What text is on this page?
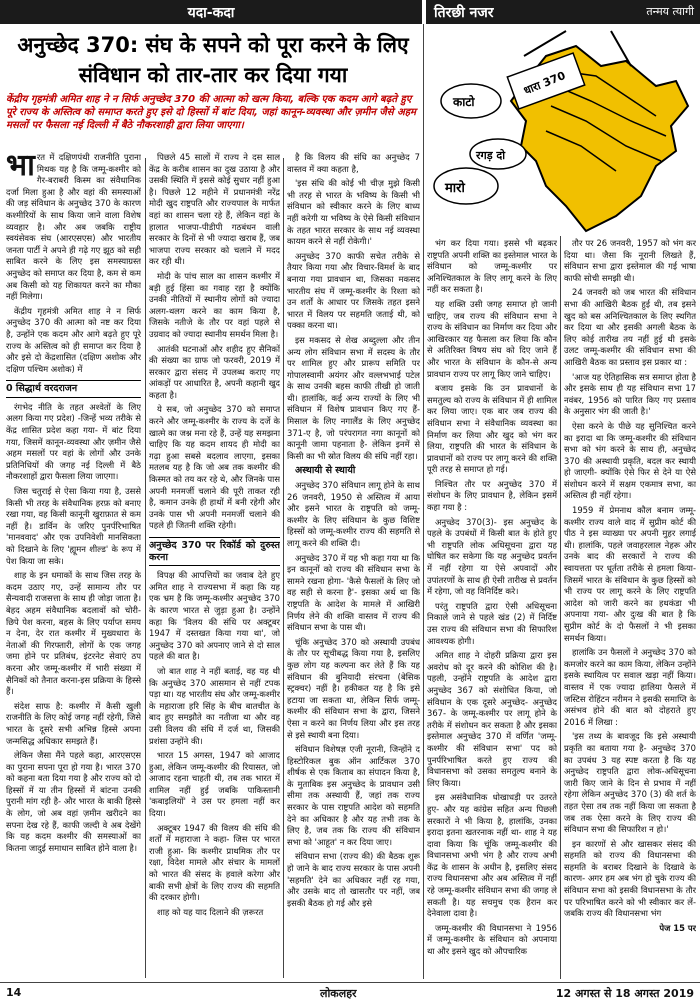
यदा-कदा	तिरछी नजर	तन्मय त्यागी
अनुच्छेद 370: संघ के सपने को पूरा करने के लिए संविधान को तार-तार कर दिया गया
केंद्रीय गृहमंत्री अमित शाह ने न सिर्फ अनुच्छेद 370 की आत्मा को खत्म किया, बल्कि एक कदम आगे बढ़ते हुए पूरे राज्य के अस्तित्व को समाप्त करते हुए इसे दो हिस्सों में बांट दिया, जहां कानून-व्यवस्था और ज़मीन जैसे अहम मसलों पर फैसला नई दिल्ली में बैठे नौकरशाही द्वारा लिया जाएगा।
धारा 370
काटो
मारो
रगड़ दो

भारत में दक्षिणपंथी राजनीति पुराना मिथक यह है कि जम्मू-कश्मीर को गैर-बराबरी किस्म का संवैधानिक दर्जा मिला हुआ है और वहां की समस्याओं की जड़ संविधान के अनुच्छेद 370 के कारण कश्मीरियों के साथ किया जाने वाला विशेष व्यवहार है। और अब जबकि राष्ट्रीय स्वयंसेवक संघ (आरएसएस) और भारतीय जनता पार्टी ने अपने ही गढ़े गए झूठ को सही साबित करने के लिए इस समस्याग्रस्त अनुच्छेद को समाप्त कर दिया है, कम से कम अब किसी को यह शिकायत करने का मौका नहीं मिलेगा।

केंद्रीय गृहमंत्री अमित शाह ने न सिर्फ अनुच्छेद 370 की आत्मा को नष्ट कर दिया है, उन्होंने एक कदम और आगे बढ़ते हुए पूरे राज्य के अस्तित्व को ही समाप्त कर दिया है और इसे दो केंद्रशासित (दक्षिण अशोक और दक्षिण पश्चिम अशोक) में

0 सिद्धार्थ वरदराजन

रंगभेद नीति के तहत अश्वेतों के लिए अलग किया गए प्रदेश) -जिन्हें भव्य तरीके से केंद्र शासित प्रदेश कहा गया- में बांट दिया गया, जिसमें कानून-व्यवस्था और ज़मीन जैसे अहम मसलों पर वहां के लोगों और उनके प्रतिनिधियों की जगह नई दिल्ली में बैठे नौकरशाहों द्वारा फैसला लिया जाएगा।

जिस चतुराई से ऐसा किया गया है, उससे किसी भी तरह के संवैधानिक हरफ़ को बनाए रखा गया, वह किसी कानूनी खुराफ़ात से कम नहीं है। डार्विन के जरिए पुनर्परिभाषित 'मानववाद' और एक उपनिवेशी मानसिकता को दिखाने के लिए 'ह्यूमन शील्ड' के रूप में पेश किया जा सके।

शाह के इन धमाकों के साथ जिस तरह के कदम उठाए गए, उन्हें सामान्य तौर पर सैन्यवादी राजसत्ता के साथ ही जोड़ा जाता है। बेहद अहम संवैधानिक बदलावों को चोरी-छिपे पेश करना, बहस के लिए पर्याप्त समय न देना, देर रात कश्मीर में मुख्यधारा के नेताओं की गिरफ्तारी, लोगों के एक जगह जमा होने पर प्रतिबंध, इंटरनेट सेवाएं ठप करना और जम्मू-कश्मीर में भारी संख्या में सैनिकों को तैनात करना-इस प्रक्रिया के हिस्से हैं।

संदेश साफ है: कश्मीर में कैसी खुली राजनीति के लिए कोई जगह नहीं रहेगी, जिसे भारत के दूसरे सभी अभिन्न हिस्से अपना जन्मसिद्ध अधिकार समझते हैं।

लेकिन जैसा मैंने पहले कहा, आरएसएस का पुराना सपना पूरा हो गया है। भारत 370 को कहना बता दिया गया है और राज्य को दो हिस्सों में या तीन हिस्सों में बांटना उनकी पुरानी मांग रही है- और भारत के बाकी हिस्से के लोग, जो अब वहां ज़मीन खरीदने का सपना देख रहे हैं, काफी जल्दी वे अब देखेंगे कि यह कदम कश्मीर की समस्याओं का कितना जादुई समाधान साबित होने वाला है।

पिछले 45 सालों में राज्य ने दस साल केंद्र के करीब शासन का दुख उठाया है और उसकी स्थिति में इससे कोई सुधार नहीं हुआ है। पिछले 12 महीने में प्रधानमंत्री नरेंद्र मोदी खुद राष्ट्रपति और राज्यपाल के मार्फत वहां का शासन चला रहे हैं, लेकिन वहां के हालात भाजपा-पीडीपी गठबंधन वाली सरकार के दिनों से भी ज्यादा खराब हैं, जब भाजपा राज्य सरकार को चलाने में मदद कर रही थी।

मोदी के पांच साल का शासन कश्मीर में बड़ी हुई हिंसा का गवाह रहा है क्योंकि उनकी नीतियों में स्थानीय लोगों को ज्यादा अलग-थलग करने का काम किया है, जिसके नतीजे के तौर पर वहां पहले से उग्रवाद को ज्यादा स्थानीय समर्थन मिला है।

आतंकी घटनाओं और शहीद हुए सैनिकों की संख्या का ग्राफ जो फरवरी, 2019 में सरकार द्वारा संसद में उपलब्ध कराए गए आंकड़ों पर आधारित है, अपनी कहानी खुद कहता है।

ये सब, जो अनुच्छेद 370 को समाप्त करने और जम्मू-कश्मीर के राज्य के दर्जे के खात्मे का जश्न मना रहे हैं, उन्हें यह समझना चाहिए कि यह कदम शायद ही मोदी का गढ़ा हुआ सबसे बदलाव लाएगा, इसका मतलब यह है कि जो अब तक कश्मीर की किस्मत को तय कर रहे थे, और जिनके पास अपनी मनमर्जी चलाने की पूरी ताकत रही है, कमान उनके ही हाथों में बनी रहेगी और उनके पास भी अपनी मनमर्जी चलाने की पहले ही जितनी शक्ति रहेगी।

अनुच्छेद 370 पर रिकॉर्ड को दुरुस्त करना

विपक्ष की आपत्तियों का जवाब देते हुए अमित शाह ने राज्यसभा में कहा कि यह एक भ्रम है कि जम्मू-कश्मीर अनुच्छेद 370 के कारण भारत से जुड़ा हुआ है। उन्होंने कहा कि 'विलय की संधि पर अक्टूबर 1947 में दस्तखत किया गया था', जो अनुच्छेद 370 को अपनाए जाने से दो साल पहले की बात है।

जो बात शाह ने नहीं बताई, वह यह थी कि अनुच्छेद 370 आसमान से नहीं टपक पड़ा था। यह भारतीय संघ और जम्मू-कश्मीर के महाराजा हरि सिंह के बीच बातचीत के बाद हुए समझौते का नतीजा था और वह उसी विलय की संधि में दर्ज था, जिसकी प्रशंसा उन्होंने की।

भारत 15 अगस्त, 1947 को आजाद हुआ, लेकिन जम्मू-कश्मीर की रियासत, जो आजाद रहना चाहती थी, तब तक भारत में शामिल नहीं हुई जबकि पाकिस्तानी 'कबाइलियों' ने उस पर हमला नहीं कर दिया।

अक्टूबर 1947 की विलय की संधि की शर्तों में महाराजा ने कहा- जिस पर भारत राजी हुआ- कि कश्मीर प्राथमिक तौर पर रक्षा, विदेश मामले और संचार के मामलों को भारत की संसद के हवाले करेगा और बाकी सभी क्षेत्रों के लिए राज्य की सहमति की दरकार होगी।

शाह को यह याद दिलाने की ज़रूरत

है कि विलय की संधि का अनुच्छेद 7 वास्तव में क्या कहता है,

'इस संधि की कोई भी चीज़ मुझे किसी भी तरह से भारत के भविष्य के किसी भी संविधान को स्वीकार करने के लिए बाध्य नहीं करेगी या भविष्य के ऐसे किसी संविधान के तहत भारत सरकार के साथ नई व्यवस्था कायम करने से नहीं रोकेगी।'

अनुच्छेद 370 काफी सचेत तरीके से तैयार किया गया और विचार-विमर्श के बाद बनाया गया प्रावधान था, जिसका मकसद भारतीय संघ में जम्मू-कश्मीर के रिश्ता को उन शर्तों के आधार पर जिसके तहत इसने भारत में विलय पर सहमति जताई थी, को पक्का करना था।

इस मकसद से शेख अब्दुल्ला और तीन अन्य लोग संविधान सभा में सदस्य के तौर पर शामिल हुए और प्रारूप समिति पर गोपालस्वामी अयंगर और वल्लभभाई पटेल के साथ उनकी बहस काफी तीखी हो जाती थी। हालांकि, कई अन्य राज्यों के लिए भी संविधान में विशेष प्रावधान किए गए हैं- मिसाल के लिए नगालैंड के लिए अनुच्छेद 371-ए है, जो परंपरागत नगा कानूनों को कानूनी जामा पहनाता है- लेकिन इनमें से किसी का भी स्रोत विलय की संधि नहीं रहा।

अस्थायी से स्थायी

अनुच्छेद 370 संविधान लागू होने के साथ 26 जनवरी, 1950 से अस्तित्व में आया और इसने भारत के राष्ट्रपति को जम्मू-कश्मीर के लिए संविधान के कुछ विशिष्ट हिस्सों को जम्मू-कश्मीर राज्य की सहमति से लागू करने की शक्ति दी।

अनुच्छेद 370 में यह भी कहा गया था कि इन कानूनों को राज्य की संविधान सभा के सामने रखना होगा- 'कैसे फैसलों के लिए जो वह सही से करना है'- इसका अर्थ था कि राष्ट्रपति के आदेश के मामले में आखिरी निर्णय लेने की शक्ति वास्तव में राज्य की संविधान सभा के पास थी।

चूंकि अनुच्छेद 370 को अस्थायी उपबंध के तौर पर सूचीबद्ध किया गया है, इसलिए कुछ लोग यह कल्पना कर लेते हैं कि यह संविधान की बुनियादी संरचना (बेसिक स्ट्रक्चर) नहीं है। हकीकत यह है कि इसे हटाया जा सकता था, लेकिन सिर्फ जम्मू-कश्मीर की संविधान सभा के द्वारा, जिसने ऐसा न करने का निर्णय लिया और इस तरह से इसे स्थायी बना दिया।

संविधान विशेषज्ञ एजी नूरानी, जिन्होंने द हिस्टोरिकल बुक ऑन आर्टिकल 370 शीर्षक से एक किताब का संपादन किया है, के मुताबिक इस अनुच्छेद के प्रावधान उसी सीमा तक अस्थायी हैं, जहां तक राज्य सरकार के पास राष्ट्रपति आदेश को सहमति देने का अधिकार है और यह तभी तक के लिए है, जब तक कि राज्य की संविधान सभा को 'आहूत' न कर दिया जाए।

संविधान सभा (राज्य की) की बैठक शुरू हो जाने के बाद राज्य सरकार के पास अपनी 'सहमति' देने का अधिकार नहीं रह गया, और उसके बाद तो खासतौर पर नहीं, जब इसकी बैठक हो गई और इसे

भंग कर दिया गया। इससे भी बढ़कर राष्ट्रपति अपनी शक्ति का इस्तेमाल भारत के संविधान को जम्मू-कश्मीर पर अनिश्चितकाल के लिए लागू करने के लिए नहीं कर सकता है।

यह शक्ति उसी जगह समाप्त हो जानी चाहिए, जब राज्य की संविधान सभा ने राज्य के संविधान का निर्माण कर दिया और आखिरकार यह फैसला कर लिया कि कौन से अतिरिक्त विषय संघ को दिए जाने हैं और भारत के संविधान के कौन-से अन्य प्रावधान राज्य पर लागू किए जाने चाहिए।

बजाय इसके कि उन प्रावधानों के समतुल्य को राज्य के संविधान में ही शामिल कर लिया जाए। एक बार जब राज्य की संविधान सभा ने संवैधानिक व्यवस्था का निर्माण कर लिया और खुद को भंग कर लिया, राष्ट्रपति की भारत के संविधान के प्रावधानों को राज्य पर लागू करने की शक्ति पूरी तरह से समाप्त हो गई।

निश्चित तौर पर अनुच्छेद 370 में संशोधन के लिए प्रावधान है, लेकिन इसमें कहा गया है :

अनुच्छेद 370(3)- इस अनुच्छेद के पहले के उपबंधों में किसी बात के होते हुए भी राष्ट्रपति लोक अधिसूचना द्वारा यह घोषित कर सकेगा कि यह अनुच्छेद प्रवर्तन में नहीं रहेगा या ऐसे अपवादों और उपांतरणों के साथ ही ऐसी तारीख से प्रवर्तन में रहेगा, जो वह विनिर्दिष्ट करे।

परंतु राष्ट्रपति द्वारा ऐसी अधिसूचना निकाले जाने से पहले खंड (2) में निर्दिष्ट उस राज्य की संविधान सभा की सिफारिश आवश्यक होगी।

अमित शाह ने दोहरी प्रक्रिया द्वारा इस अवरोध को दूर करने की कोशिश की है। पहली, उन्होंने राष्ट्रपति के आदेश द्वारा अनुच्छेद 367 को संशोधित किया, जो संविधान के एक दूसरे अनुच्छेद- अनुच्छेद 367- के जम्मू-कश्मीर पर लागू होने के तरीके में संशोधन कर सकता है और इसका इस्तेमाल अनुच्छेद 370 में वर्णित 'जम्मू-कश्मीर की संविधान सभा' पद को पुनर्परिभाषित करते हुए राज्य की विधानसभा को उसका समतुल्य बनाने के लिए किया।

इस असंवैधानिक धोखाधड़ी पर उतरते हुए- और यह कांग्रेस सहित अन्य पिछली सरकारों ने भी किया है, हालांकि, उनका इरादा इतना खतरनाक नहीं था- शाह ने यह दावा किया कि चूंकि जम्मू-कश्मीर की विधानसभा अभी भंग है और राज्य अभी केंद्र के शासन के अधीन है, इसलिए संसद राज्य विधानसभा और अब अस्तित्व में नहीं रहे जम्मू-कश्मीर संविधान सभा की जगह ले सकती है। यह सचमुच एक हैरान कर देनेवाला दावा है।

जम्मू-कश्मीर की विधानसभा ने 1956 में जम्मू-कश्मीर के संविधान को अपनाया था और इसने खुद को औपचारिक

तौर पर 26 जनवरी, 1957 को भंग कर दिया था। जैसा कि नूरानी लिखते हैं, संविधान सभा द्वारा इस्तेमाल की गई भाषा काफी सोची समझी थी।

24 जनवरी को जब भारत की संविधान सभा की आखिरी बैठक हुई थी, तब इसने खुद को बस अनिश्चितकाल के लिए स्थगित कर दिया था और इसकी अगली बैठक के लिए कोई तारीख तय नहीं हुई थी इसके उलट जम्मू-कश्मीर की संविधान सभा की आखिरी बैठक का प्रस्ताव इस प्रकार था :

'आज यह ऐतिहासिक सत्र समाप्त होता है और इसके साथ ही यह संविधान सभा 17 नवंबर, 1956 को पारित किए गए प्रस्ताव के अनुसार भंग की जाती है।'

ऐसा करने के पीछे यह सुनिश्चित करने का इरादा था कि जम्मू-कश्मीर की संविधान सभा को भंग करने के साथ ही, अनुच्छेद 370 की अस्थायी प्रकृति, बदल कर स्थायी हो जाएगी- क्योंकि ऐसे फिर से देने या ऐसे संशोधन करने में सक्षम एकमात्र सभा, का अस्तित्व ही नहीं रहेगा।

1959 में प्रेमनाथ कौल बनाम जम्मू-कश्मीर राज्य वाले वाद में सुप्रीम कोर्ट की पीठ ने इस व्याख्या पर अपनी मुहर लगाई थी। हालांकि, पहले जवाहरलाल नेहरू और उनके बाद की सरकारों ने राज्य की स्वायत्तता पर धूर्तता तरीके से हमला किया- जिसमें भारत के संविधान के कुछ हिस्सों को भी राज्य पर लागू करने के लिए राष्ट्रपति आदेश को जारी करने का हथकंडा भी अपनाया गया- और दुःख की बात है कि सुप्रीम कोर्ट के दो फैसलों ने भी इसका समर्थन किया।

हालांकि उन फैसलों ने अनुच्छेद 370 को कमजोर करने का काम किया, लेकिन उन्होंने इसके स्थायित्व पर सवाल खड़ा नहीं किया। वास्तव में एक ज्यादा हालिया फैसले में जस्टिस रोहिंटन नरीमन ने इसकी समाप्ति के असंभव होने की बात को दोहराते हुए 2016 में लिखा :

'इस तथ्य के बावजूद कि इसे अस्थायी प्रकृति का बताया गया है- अनुच्छेद 370 का उपबंध 3 यह स्पष्ट करता है कि यह अनुच्छेद राष्ट्रपति द्वारा लोक-अधिसूचना जारी किए जाने के दिन से प्रभाव में नहीं रहेगा लेकिन अनुच्छेद 370 (3) की शर्त के तहत ऐसा तब तक नहीं किया जा सकता है जब तक ऐसा करने के लिए राज्य की संविधान सभा की सिफारिश न हो।'

इन कारणों से और खासकर संसद की सहमति को राज्य की विधानसभा की सहमति के बराबर दिखाने के दिखावे के कारण- अगर हम अब भंग हो चुके राज्य की संविधान सभा को इसकी विधानसभा के तौर पर परिभाषित करने को भी स्वीकार कर लें- जबकि राज्य की विधानसभा भंग

पेज 15 पर

14	लोकलहर	12 अगस्त से 18 अगस्त 2019
